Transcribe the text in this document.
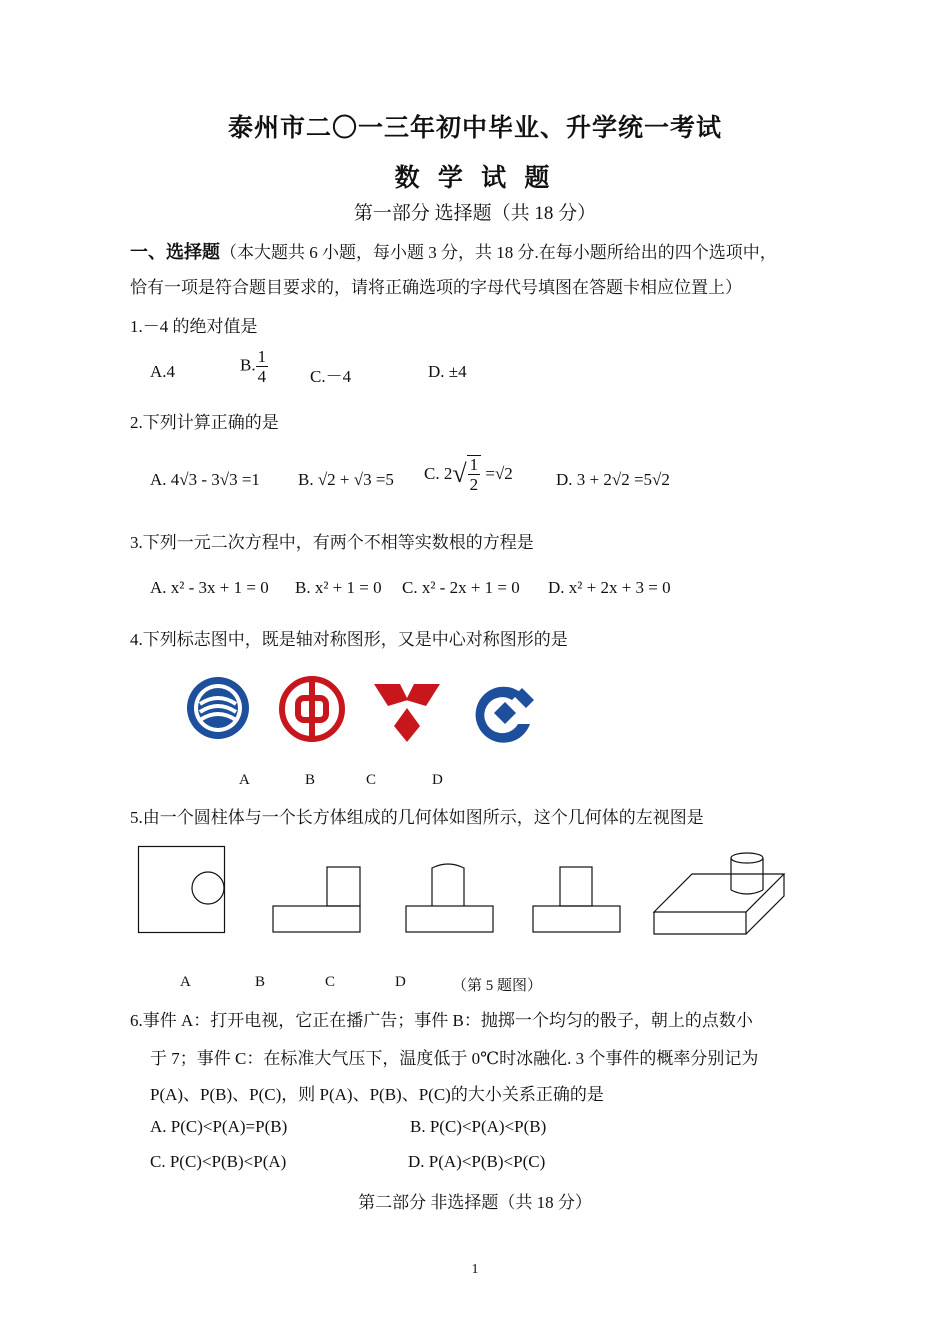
泰州市二〇一三年初中毕业、升学统一考试
数 学 试 题
第一部分 选择题（共 18 分）
一、选择题（本大题共 6 小题，每小题 3 分，共 18 分.在每小题所给出的四个选项中，
恰有一项是符合题目要求的，请将正确选项的字母代号填图在答题卡相应位置上）
1.－4 的绝对值是
A.4	B. $\frac{1}{4} C.-4$	D. ±4
2.下列计算正确的是
A. 4√3 - 3√3 =1 B. √2 + √3 =5 C. $2√ \frac{1}{2} =√2$	D. 3 + 2√2 =5√2
3.下列一元二次方程中，有两个不相等实数根的方程是
A. x² - 3x + 1 = 0 B. x² + 1 = 0 C. x² - 2x + 1 = 0 D. x² + 2x + 3 = 0
4.下列标志图中，既是轴对称图形，又是中心对称图形的是
A	B	C	D
5.由一个圆柱体与一个长方体组成的几何体如图所示，这个几何体的左视图是
A	B	C	D	（第 5 题图）
6.事件 A：打开电视，它正在播广告；事件 B：抛掷一个均匀的骰子，朝上的点数小
于 7；事件 C：在标准大气压下，温度低于 0℃时冰融化. 3 个事件的概率分别记为
P(A)、P(B)、P(C)，则 P(A)、P(B)、P(C)的大小关系正确的是
A. P(C)<P(A)=P(B)	B. P(C)<P(A)<P(B)
C. P(C)<P(B)<P(A)	D. P(A)<P(B)<P(C)
第二部分 非选择题（共 18 分）
1
